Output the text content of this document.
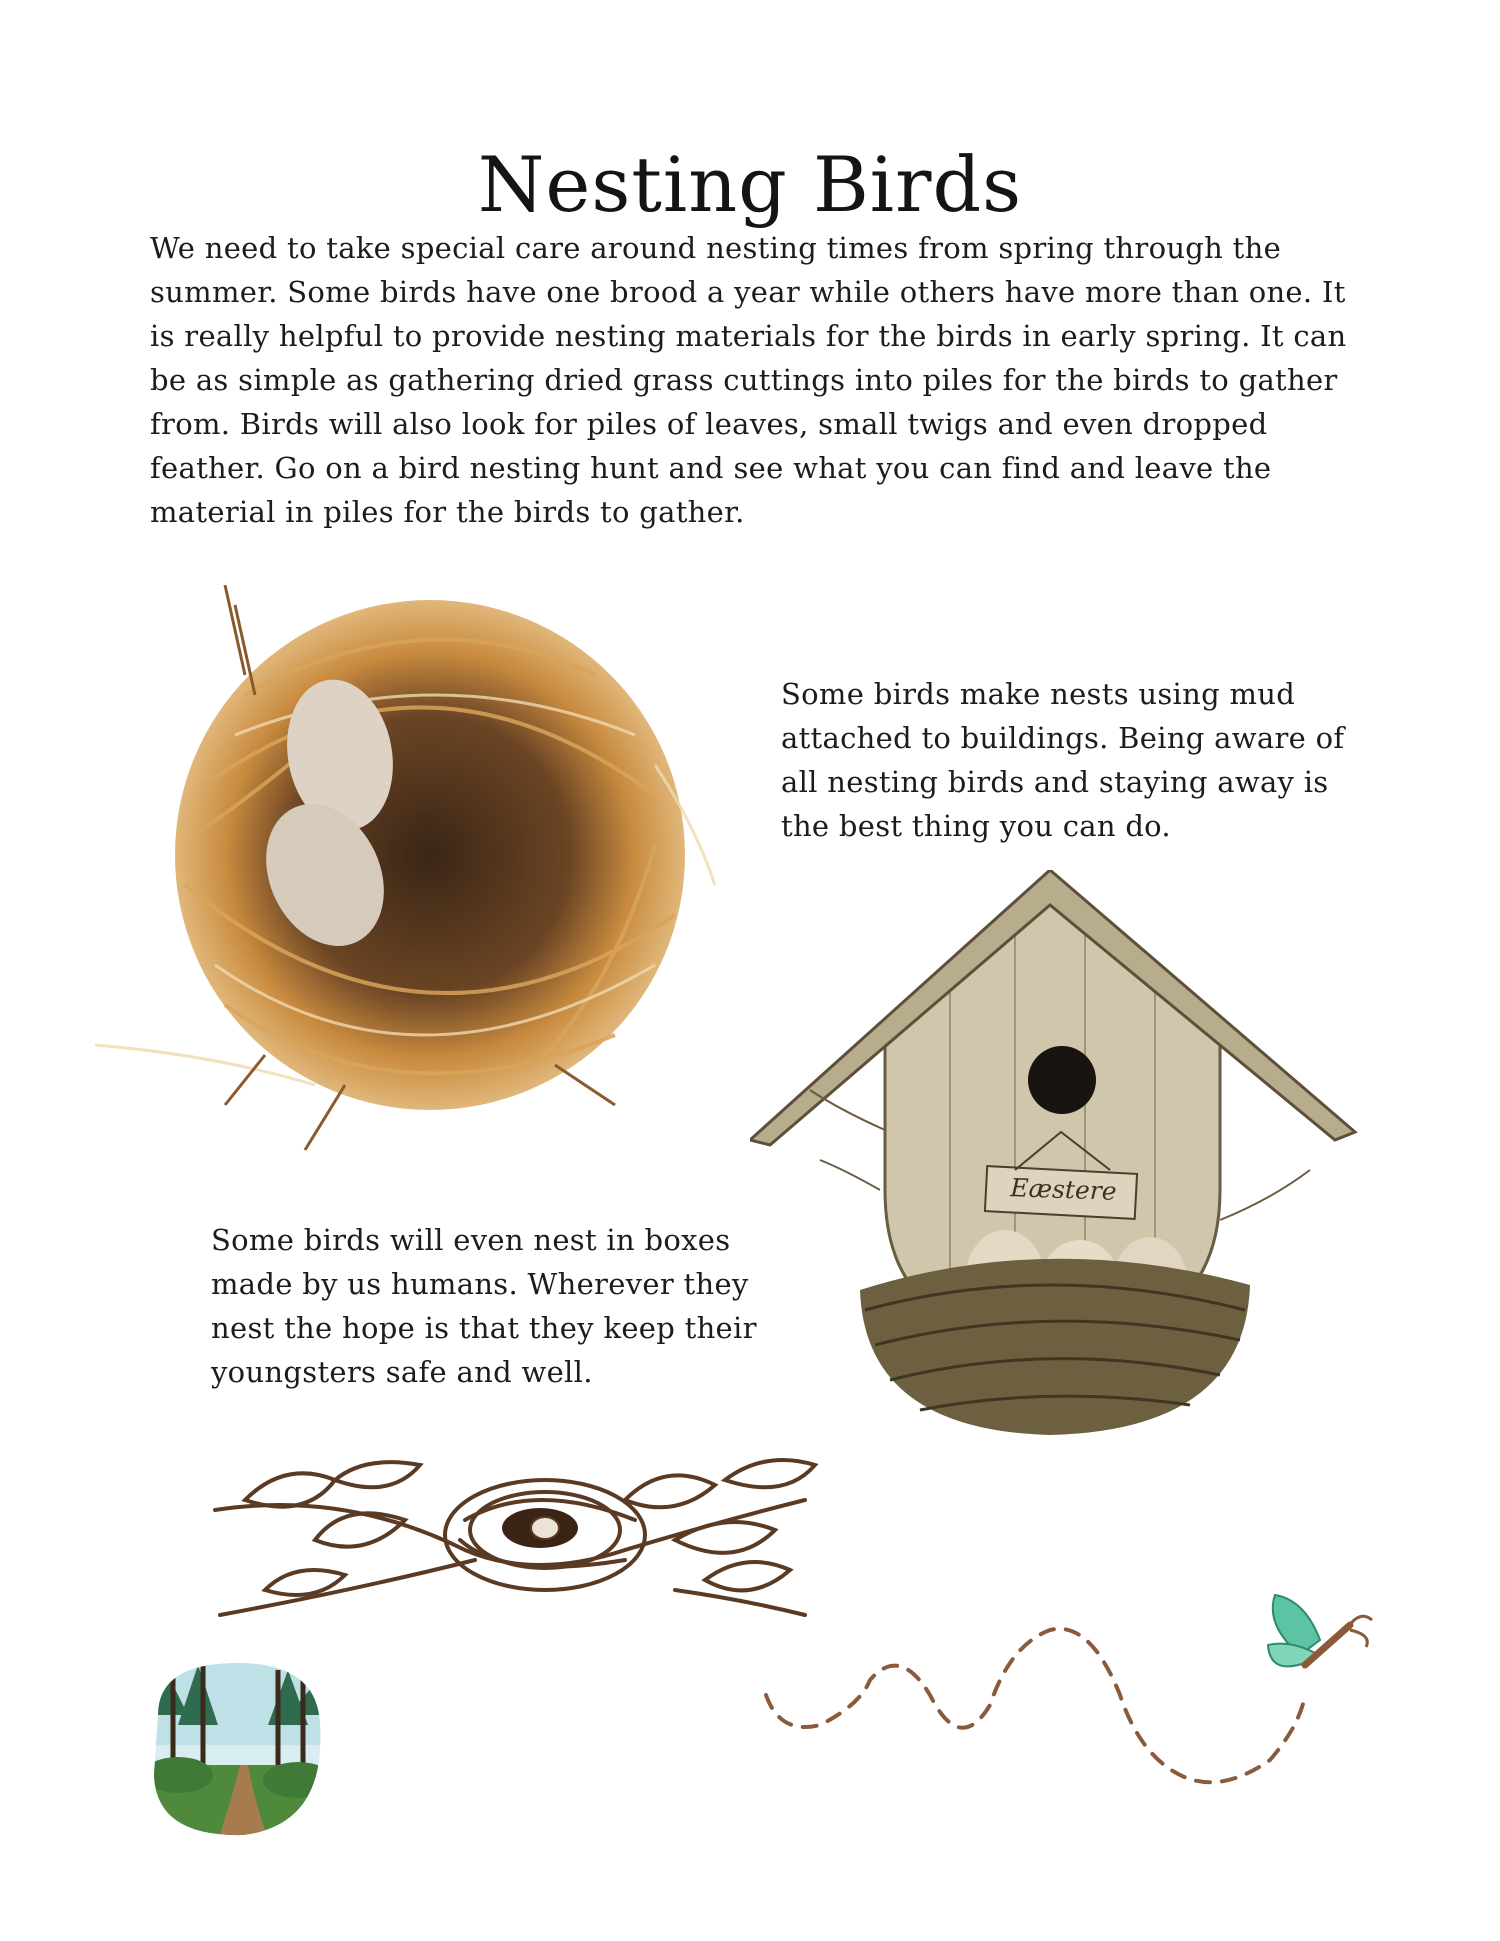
Nesting Birds

We need to take special care around nesting times from spring through the summer. Some birds have one brood a year while others have more than one. It is really helpful to provide nesting materials for the birds in early spring. It can be as simple as gathering dried grass cuttings into piles for the birds to gather from. Birds will also look for piles of leaves, small twigs and even dropped feather. Go on a bird nesting hunt and see what you can find and leave the material in piles for the birds to gather.

Some birds make nests using mud attached to buildings. Being aware of all nesting birds and staying away is the best thing you can do.

Some birds will even nest in boxes made by us humans. Wherever they nest the hope is that they keep their youngsters safe and well.

Eæstere
